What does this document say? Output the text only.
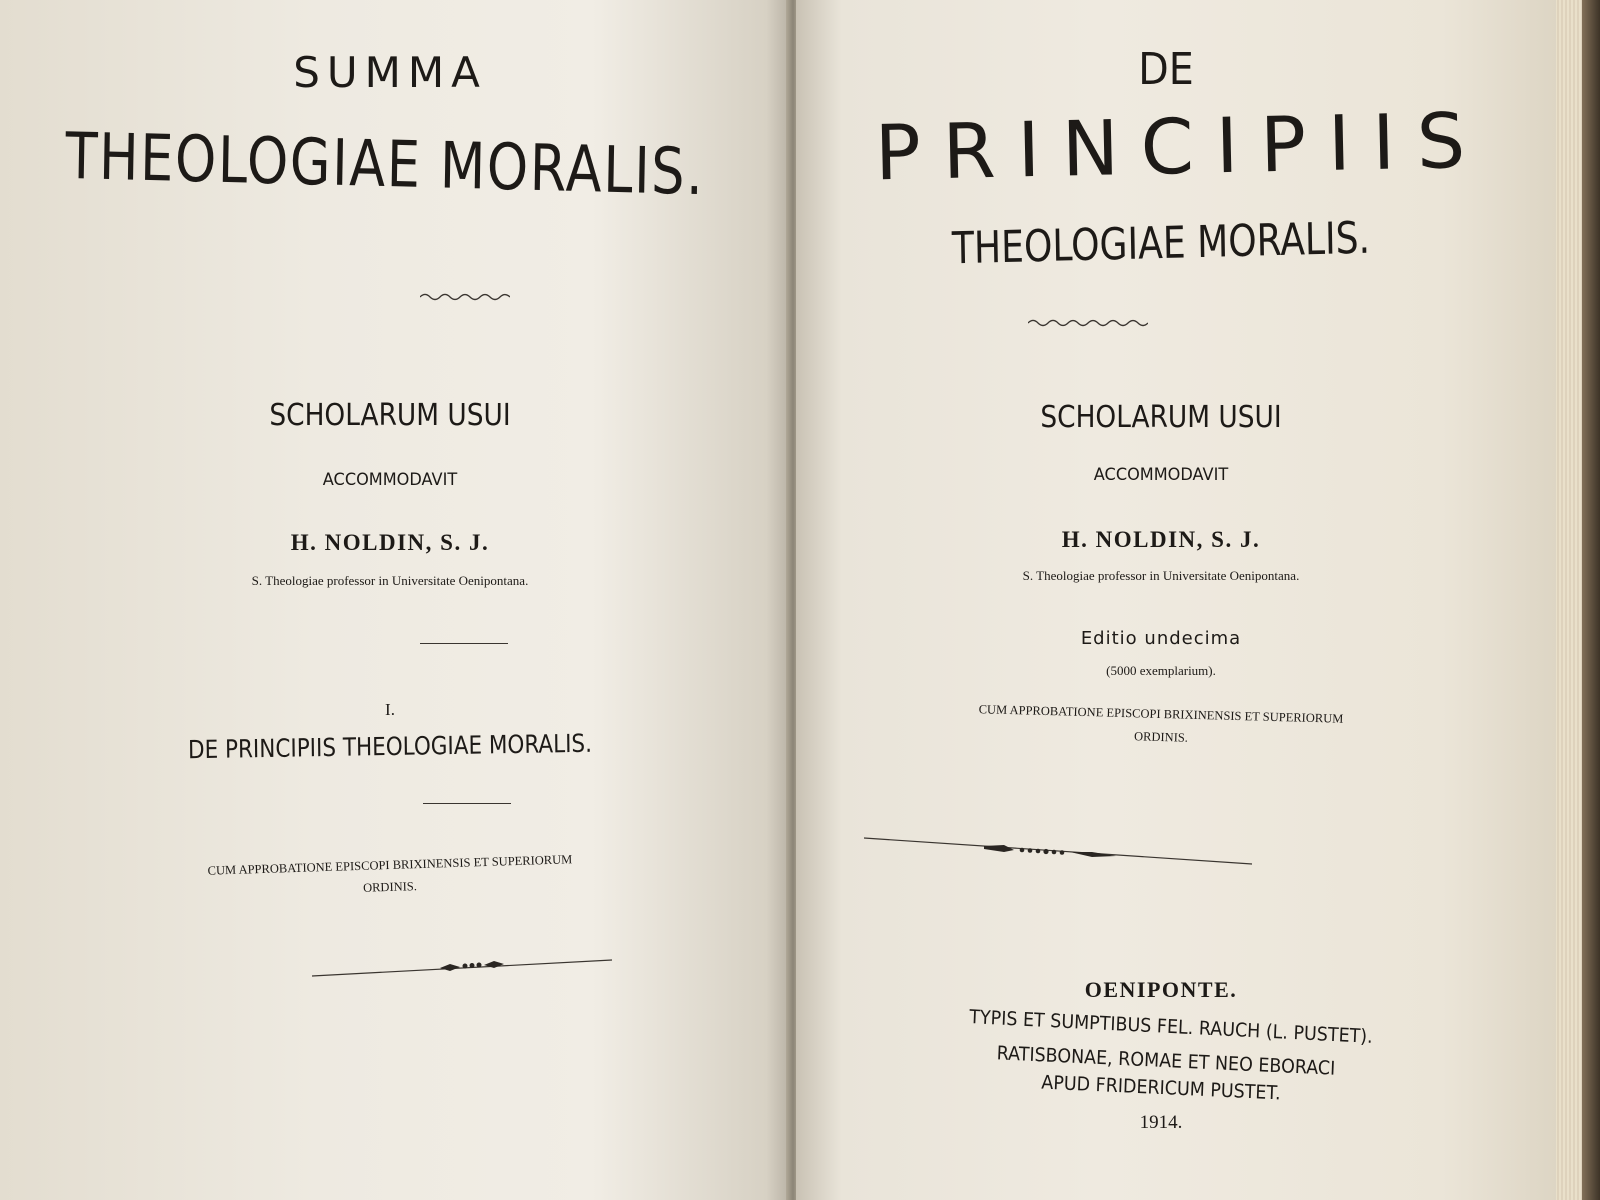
SUMMA
THEOLOGIAE MORALIS.
SCHOLARUM USUI
ACCOMMODAVIT
H. NOLDIN, S. J.
S. Theologiae professor in Universitate Oenipontana.
I.
DE PRINCIPIIS THEOLOGIAE MORALIS.
CUM APPROBATIONE EPISCOPI BRIXINENSIS ET SUPERIORUM
ORDINIS.
DE
PRINCIPIIS
THEOLOGIAE MORALIS.
SCHOLARUM USUI
ACCOMMODAVIT
H. NOLDIN, S. J.
S. Theologiae professor in Universitate Oenipontana.
Editio undecima
(5000 exemplarium).
CUM APPROBATIONE EPISCOPI BRIXINENSIS ET SUPERIORUM
ORDINIS.
OENIPONTE.
TYPIS ET SUMPTIBUS FEL. RAUCH (L. PUSTET).
RATISBONAE, ROMAE ET NEO EBORACI
APUD FRIDERICUM PUSTET.
1914.
